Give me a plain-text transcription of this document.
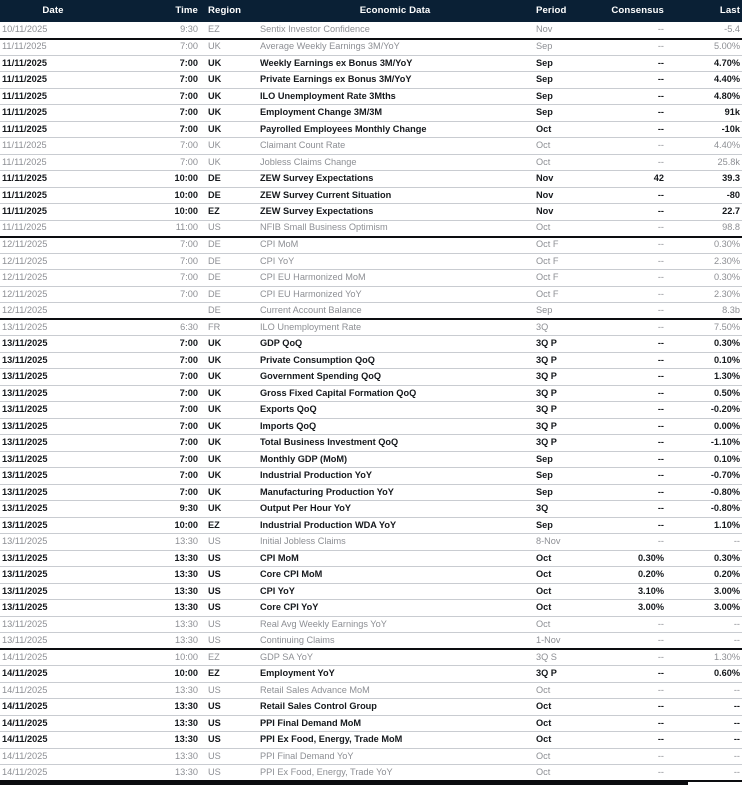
Date	Time	Region	Economic Data	Period	Consensus	Last
10/11/2025	9:30	EZ	Sentix Investor Confidence	Nov	--	-5.4
11/11/2025	7:00	UK	Average Weekly Earnings 3M/YoY	Sep	--	5.00%
11/11/2025	7:00	UK	Weekly Earnings ex Bonus 3M/YoY	Sep	--	4.70%
11/11/2025	7:00	UK	Private Earnings ex Bonus 3M/YoY	Sep	--	4.40%
11/11/2025	7:00	UK	ILO Unemployment Rate 3Mths	Sep	--	4.80%
11/11/2025	7:00	UK	Employment Change 3M/3M	Sep	--	91k
11/11/2025	7:00	UK	Payrolled Employees Monthly Change	Oct	--	-10k
11/11/2025	7:00	UK	Claimant Count Rate	Oct	--	4.40%
11/11/2025	7:00	UK	Jobless Claims Change	Oct	--	25.8k
11/11/2025	10:00	DE	ZEW Survey Expectations	Nov	42	39.3
11/11/2025	10:00	DE	ZEW Survey Current Situation	Nov	--	-80
11/11/2025	10:00	EZ	ZEW Survey Expectations	Nov	--	22.7
11/11/2025	11:00	US	NFIB Small Business Optimism	Oct	--	98.8
12/11/2025	7:00	DE	CPI MoM	Oct F	--	0.30%
12/11/2025	7:00	DE	CPI YoY	Oct F	--	2.30%
12/11/2025	7:00	DE	CPI EU Harmonized MoM	Oct F	--	0.30%
12/11/2025	7:00	DE	CPI EU Harmonized YoY	Oct F	--	2.30%
12/11/2025		DE	Current Account Balance	Sep	--	8.3b
13/11/2025	6:30	FR	ILO Unemployment Rate	3Q	--	7.50%
13/11/2025	7:00	UK	GDP QoQ	3Q P	--	0.30%
13/11/2025	7:00	UK	Private Consumption QoQ	3Q P	--	0.10%
13/11/2025	7:00	UK	Government Spending QoQ	3Q P	--	1.30%
13/11/2025	7:00	UK	Gross Fixed Capital Formation QoQ	3Q P	--	0.50%
13/11/2025	7:00	UK	Exports QoQ	3Q P	--	-0.20%
13/11/2025	7:00	UK	Imports QoQ	3Q P	--	0.00%
13/11/2025	7:00	UK	Total Business Investment QoQ	3Q P	--	-1.10%
13/11/2025	7:00	UK	Monthly GDP (MoM)	Sep	--	0.10%
13/11/2025	7:00	UK	Industrial Production YoY	Sep	--	-0.70%
13/11/2025	7:00	UK	Manufacturing Production YoY	Sep	--	-0.80%
13/11/2025	9:30	UK	Output Per Hour YoY	3Q	--	-0.80%
13/11/2025	10:00	EZ	Industrial Production WDA YoY	Sep	--	1.10%
13/11/2025	13:30	US	Initial Jobless Claims	8-Nov	--	--
13/11/2025	13:30	US	CPI MoM	Oct	0.30%	0.30%
13/11/2025	13:30	US	Core CPI MoM	Oct	0.20%	0.20%
13/11/2025	13:30	US	CPI YoY	Oct	3.10%	3.00%
13/11/2025	13:30	US	Core CPI YoY	Oct	3.00%	3.00%
13/11/2025	13:30	US	Real Avg Weekly Earnings YoY	Oct	--	--
13/11/2025	13:30	US	Continuing Claims	1-Nov	--	--
14/11/2025	10:00	EZ	GDP SA YoY	3Q S	--	1.30%
14/11/2025	10:00	EZ	Employment YoY	3Q P	--	0.60%
14/11/2025	13:30	US	Retail Sales Advance MoM	Oct	--	--
14/11/2025	13:30	US	Retail Sales Control Group	Oct	--	--
14/11/2025	13:30	US	PPI Final Demand MoM	Oct	--	--
14/11/2025	13:30	US	PPI Ex Food, Energy, Trade MoM	Oct	--	--
14/11/2025	13:30	US	PPI Final Demand YoY	Oct	--	--
14/11/2025	13:30	US	PPI Ex Food, Energy, Trade YoY	Oct	--	--
